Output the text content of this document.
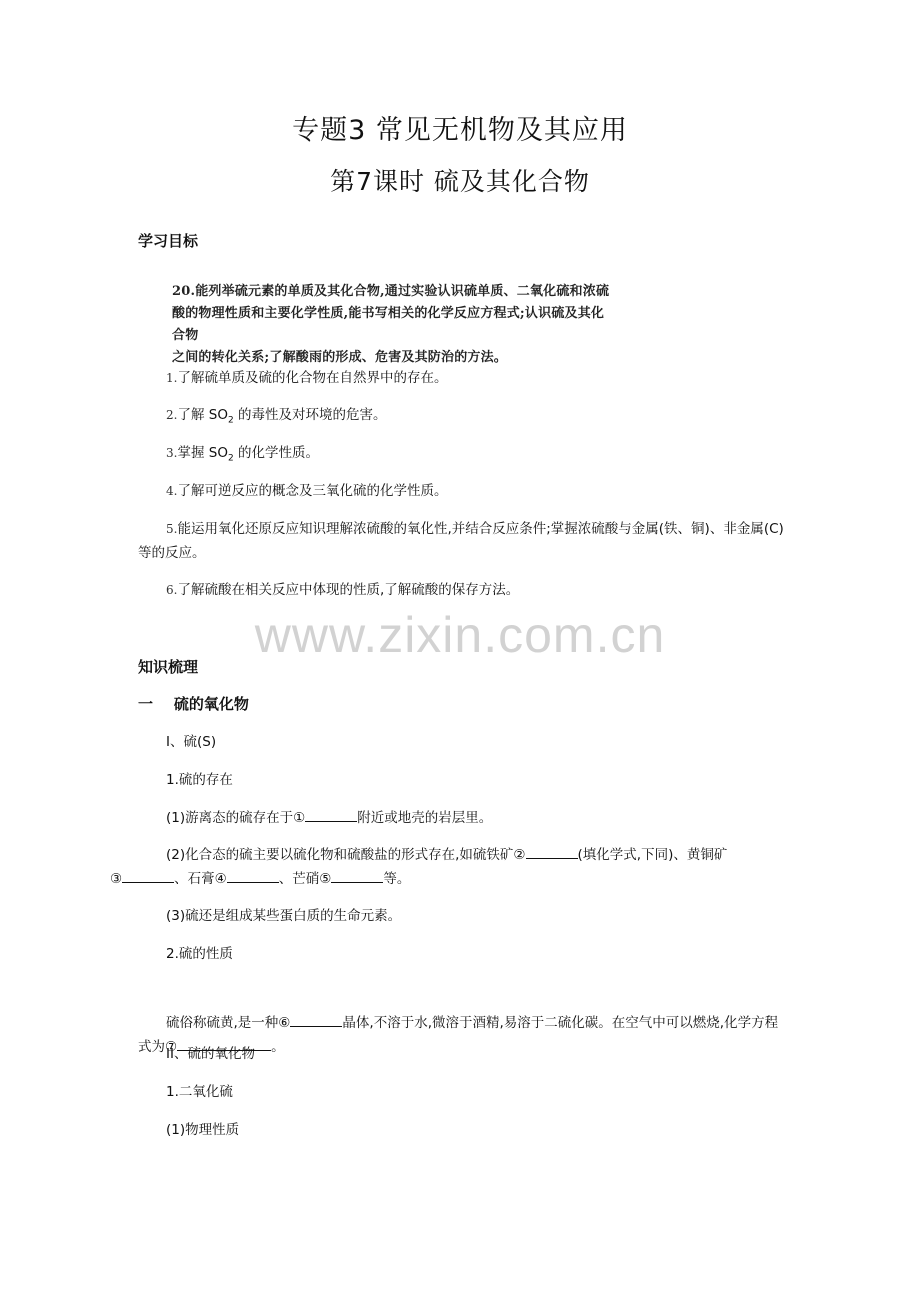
专题3 常见无机物及其应用
第7课时 硫及其化合物
学习目标
20.能列举硫元素的单质及其化合物,通过实验认识硫单质、二氧化硫和浓硫
酸的物理性质和主要化学性质,能书写相关的化学反应方程式;认识硫及其化合物
之间的转化关系;了解酸雨的形成、危害及其防治的方法。
1.了解硫单质及硫的化合物在自然界中的存在。
2.了解 $SO_2$ 的毒性及对环境的危害。
3.掌握 $SO_2$ 的化学性质。
4.了解可逆反应的概念及三氧化硫的化学性质。
5.能运用氧化还原反应知识理解浓硫酸的氧化性,并结合反应条件;掌握浓硫酸与金属(铁、铜)、非金属(C)等的反应。
6.了解硫酸在相关反应中体现的性质,了解硫酸的保存方法。
www.zixin.com.cn
知识梳理
一    硫的氧化物
I、硫(S)
1.硫的存在
(1)游离态的硫存在于①	附近或地壳的岩层里。
(2)化合态的硫主要以硫化物和硫酸盐的形式存在,如硫铁矿②	(填化学式,下同)、黄铜矿
③	、石膏④	、芒硝⑤	等。
(3)硫还是组成某些蛋白质的生命元素。
2.硫的性质
硫俗称硫黄,是一种⑥	晶体,不溶于水,微溶于酒精,易溶于二硫化碳。在空气中可以燃烧,化学方程式为⑦	。
II、硫的氧化物
1.二氧化硫
(1)物理性质
